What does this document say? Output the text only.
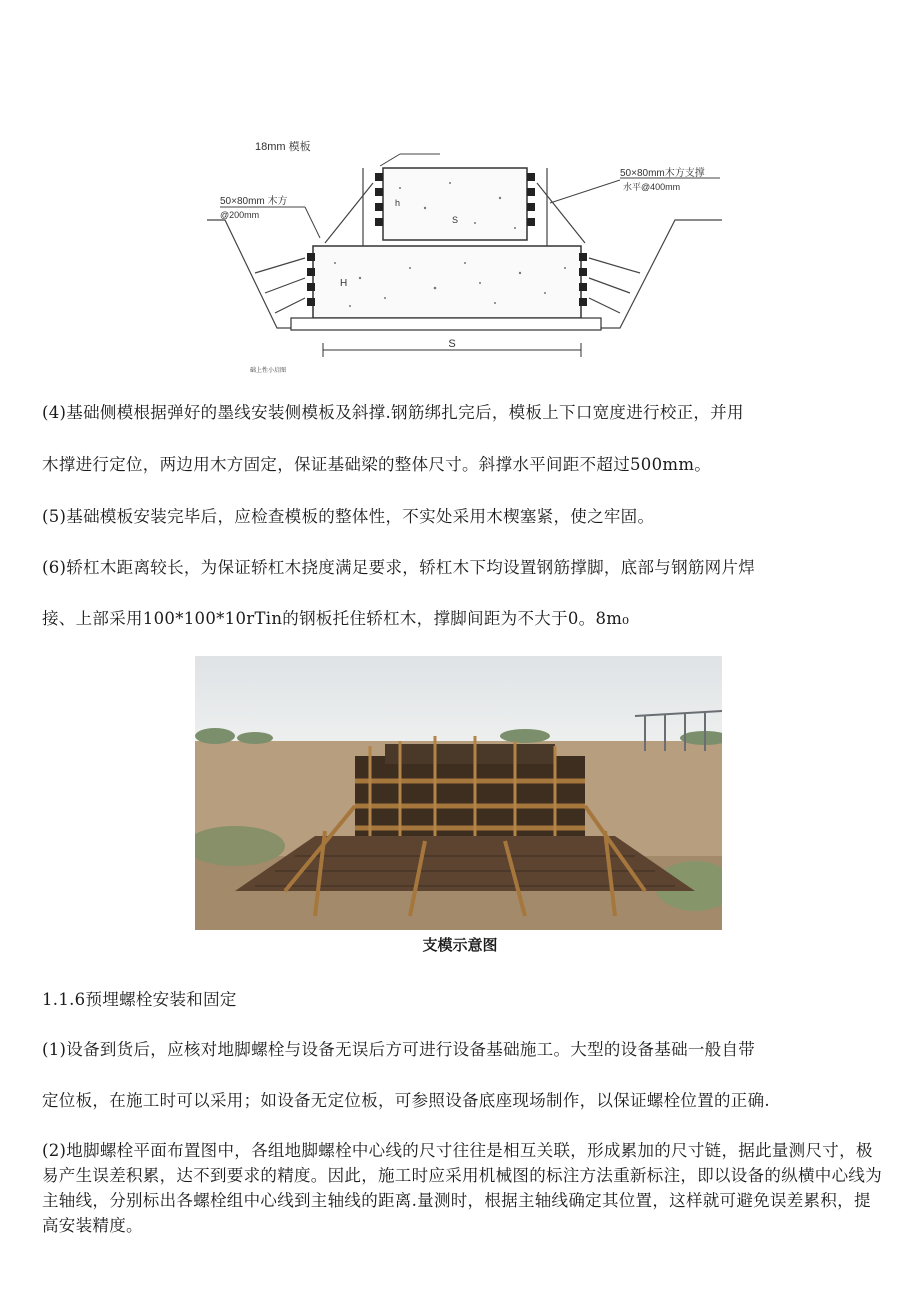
S
S
H
h
18mm 模板
50×80mm 木方
@200mm
50×80mm木方支撑
水平@400mm
础上性小启图
(4)基础侧模根据弹好的墨线安装侧模板及斜撑.钢筋绑扎完后，模板上下口宽度进行校正，并用
木撑进行定位，两边用木方固定，保证基础梁的整体尺寸。斜撑水平间距不超过500mm。
(5)基础模板安装完毕后，应检查模板的整体性，不实处采用木楔塞紧，使之牢固。
(6)轿杠木距离较长，为保证轿杠木挠度满足要求，轿杠木下均设置钢筋撑脚，底部与钢筋网片焊
接、上部采用100*100*10rTin的钢板托住轿杠木，撑脚间距为不大于0。8m₀
支模示意图
1.1.6预埋螺栓安装和固定
(1)设备到货后，应核对地脚螺栓与设备无误后方可进行设备基础施工。大型的设备基础一般自带
定位板，在施工时可以采用；如设备无定位板，可参照设备底座现场制作，以保证螺栓位置的正确.
(2)地脚螺栓平面布置图中，各组地脚螺栓中心线的尺寸往往是相互关联，形成累加的尺寸链，据此量测尺寸，极易产生误差积累，达不到要求的精度。因此，施工时应采用机械图的标注方法重新标注，即以设备的纵横中心线为主轴线，分别标出各螺栓组中心线到主轴线的距离.量测时，根据主轴线确定其位置，这样就可避免误差累积，提高安装精度。
